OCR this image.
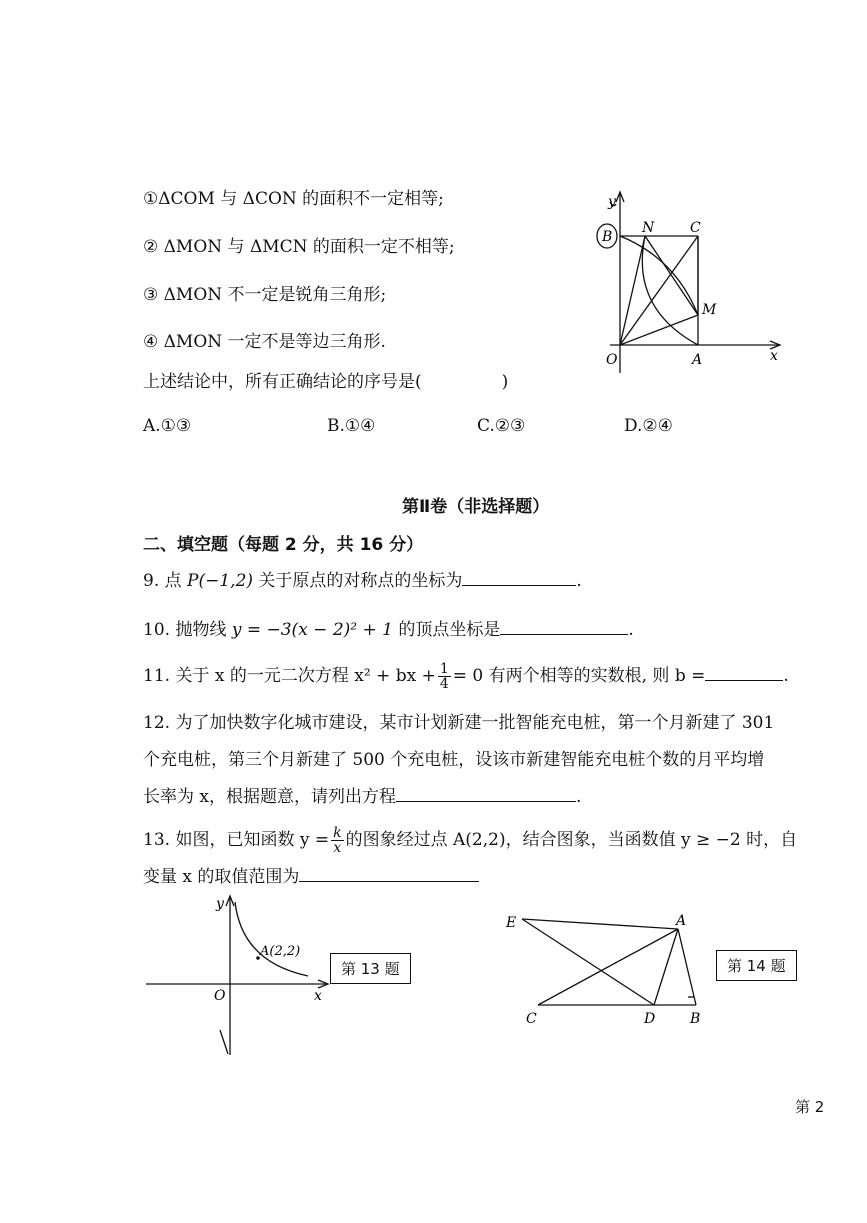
①ΔCOM 与 ΔCON 的面积不一定相等;
② ΔMON 与 ΔMCN 的面积一定不相等;
③ ΔMON 不一定是锐角三角形;
④ ΔMON 一定不是等边三角形.
上述结论中，所有正确结论的序号是(	)
A.①③	B.①④	C.②③	D.②④
y
B
N	C
M
O	A	x
第Ⅱ卷（非选择题）
二、填空题（每题 2 分，共 16 分）
9. 点 P(−1,2) 关于原点的对称点的坐标为	.
10. 抛物线 y = −3(x − 2)² + 1 的顶点坐标是	.
11. 关于 x 的一元二次方程 x² + bx + $\frac{1}{4} = 0$ 有两个相等的实数根, 则 b =	.
12. 为了加快数字化城市建设，某市计划新建一批智能充电桩，第一个月新建了 301
个充电桩，第三个月新建了 500 个充电桩，设该市新建智能充电桩个数的月平均增
长率为 x，根据题意，请列出方程	.
13. 如图，已知函数 $y = \frac{k}{x}$ 的图象经过点 A(2,2)，结合图象，当函数值 y ≥ −2 时，自
变量 x 的取值范围为
y
O	x
A(2,2)
第 13 题
E	A
C	D B
第 14 题
第 2
